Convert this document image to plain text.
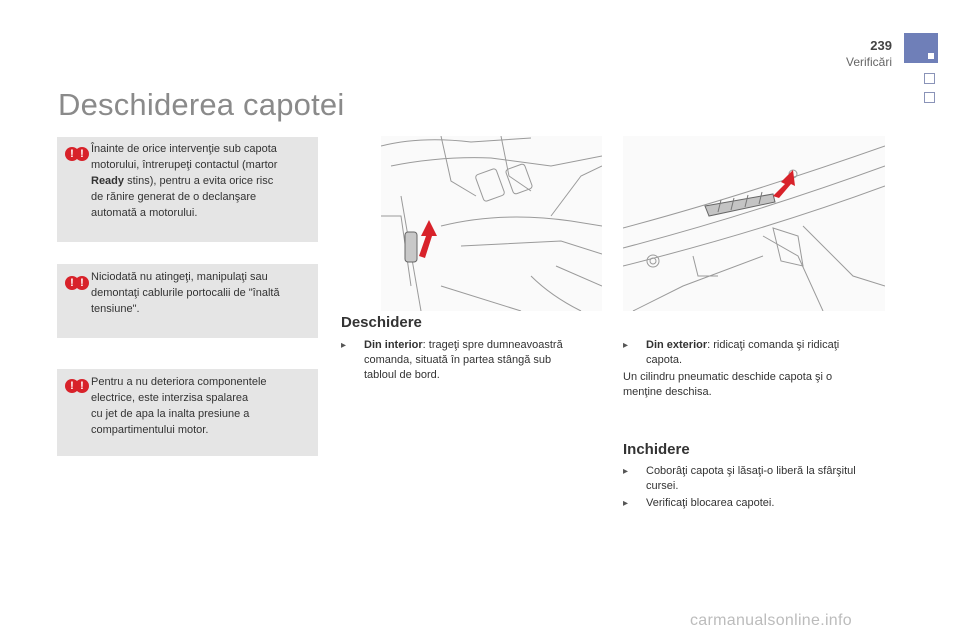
239
Verificări
Deschiderea capotei
! ! Înainte de orice intervenţie sub capota
motorului, întrerupeţi contactul (martor
Ready stins), pentru a evita orice risc
de rănire generat de o declanşare
automată a motorului.
! ! Niciodată nu atingeţi, manipulaţi sau
demontaţi cablurile portocalii de "înaltă
tensiune".
! ! Pentru a nu deteriora componentele
electrice, este interzisa spalarea
cu jet de apa la inalta presiune a
compartimentului motor.
Deschidere
▸	Din interior: trageţi spre dumneavoastră
comanda, situată în partea stângă sub
tabloul de bord.
▸	Din exterior: ridicaţi comanda şi ridicaţi
capota.
Un cilindru pneumatic deschide capota şi o
menţine deschisa.
Inchidere
▸	Coborâţi capota şi lăsaţi-o liberă la sfârşitul
cursei.
▸	Verificaţi blocarea capotei.
carmanualsonline.info
